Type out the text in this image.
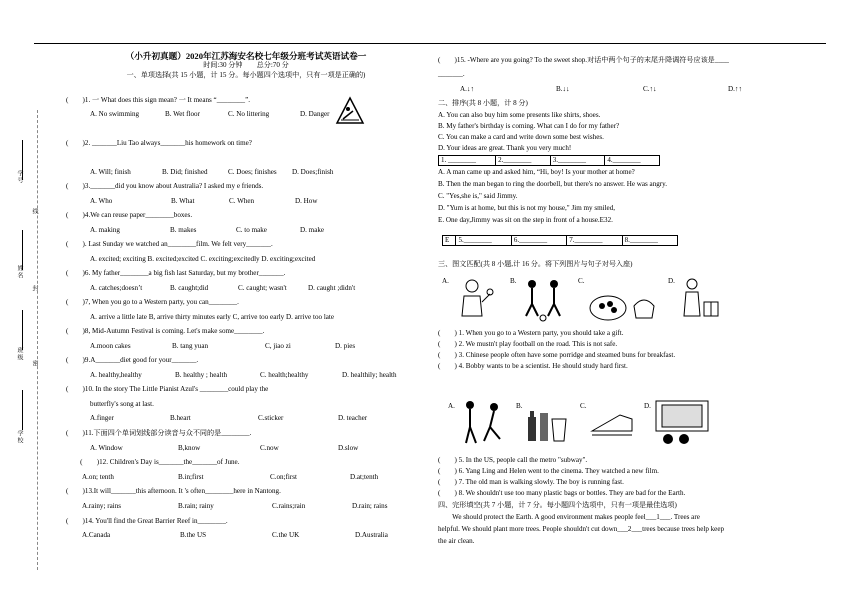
学号
线
姓名
封
班级
密
学校
（小升初真题）2020年江苏海安名校七年级分班考试英语试卷一
时间:30 分钟　　总分:70 分
一、单项选择(共 15 小题，计 15 分。每小题四个选项中，只有一项是正确的)
(　　)1. 一 What does this sign mean? 一 It means “________”.
A. No swimming	B. Wet floor	C. No littering	D. Danger
(　　)2. _______Liu Tao always_______his homework on time?
A. Will; finish	B. Did; finished	C. Does; finishes D. Does;finish
(　　)3._______did you know about Australia? I asked my e friends.
A. Who	B. What	C. When	D. How
(　　)4.We can reuse paper________boxes.
A. making	B. makes	C. to make	D. make
(　　). Last Sunday we watched an________film. We felt very_______.
A. excited; exciting B. excited;excited C. exciting;excitedly D. exciting;excited
(　　)6. My father________a big fish last Saturday, but my brother_______.
A. catches;doesn’t	B. caught;did	C. caught; wasn't	D. caught ;didn't
(　　)7, When you go to a Western party, you can________.
A. arrive a little late B, arrive thirty minutes early C, arrive too early D. arrive too late
(　　)8, Mid-Autumn Festival is coming. Let's make some________.
A.moon cakes	B. tang yuan	C, jiao zi	D. pies
(　　)9.A_______diet good for your_______.
A. healthy,healthy	B. healthy ; health	C. health;healthy	D. healthily; health
(　　)10. In the story The Little Pianist Azul's ________could play the
butterfly's song at last.
A.finger	B.heart	C.sticker	D. teacher
(　　)11.下面四个单词划线部分读音与众不同的是________.
A. Window	B,know	C.now	D.slow
　　(　　)12. Children's Day is_______the_______of June.
A.on; tenth	B.in;first	C.on;first	D.at;tenth
(　　)13.It will_______this afternoon. It 's often________here in Nantong.
A.rainy; rains	B.rain; rainy	C.rains;rain	D.rain; rains
(　　)14. You'll find the Great Barrier Reef in________.
A.Canada	B.the US	C.the UK	D.Australia
(　　)15. -Where are you going? To the sweet shop.对话中两个句子的末尾升降调符号应该是____
_______.
A.↓↑	B.↓↓	C.↑↓	D.↑↑
二、排序(共 8 小题，计 8 分)
A. You can also buy him some presents like shirts, shoes.
B. My father's birthday is coming. What can I do for my father?
C. You can make a card and write down some best wishes.
D. Your ideas are great. Thank you very much!
1. ________	2.________	3.________	4.________
A. A man came up and asked him, “Hi, boy! Is your mother at home?
B. Then the man began to ring the doorbell, but there's no answer. He was angry.
C. "Yes,she is," said Jimmy.
D. "Yum is at home, but this is not my house," Jim my smiled,
E. One day,Jimmy was sit on the step in front of a house.E32.
E	5.________	6.________	7.________	8.________
三、图文匹配(共 8 小题,计 16 分。将下列图片与句子对号入座)
A.	B.	C.	D.
(　　) 1. When you go to a Western party, you should take a gift.
(　　) 2. We mustn't play football on the road. This is not safe.
(　　) 3. Chinese people often have some porridge and steamed buns for breakfast.
(　　) 4. Bobby wants to be a scientist. He should study hard first.
A.	B.	C.	D.
(　　) 5. In the US, people call the metro "subway".
(　　) 6. Yang Ling and Helen went to the cinema. They watched a new film.
(　　) 7. The old man is walking slowly. The boy is running fast.
(　　) 8. We shouldn't use too many plastic bags or bottles. They are bad for the Earth.
四、完形填空(共 7 小题，计 7 分。每小题四个选项中，只有一项是最佳选项)
　　We should protect the Earth. A good environment makes people feel___1___. Trees are
helpful. We should plant more trees. People shouldn't cut down___2___trees because trees help keep
the air clean.
